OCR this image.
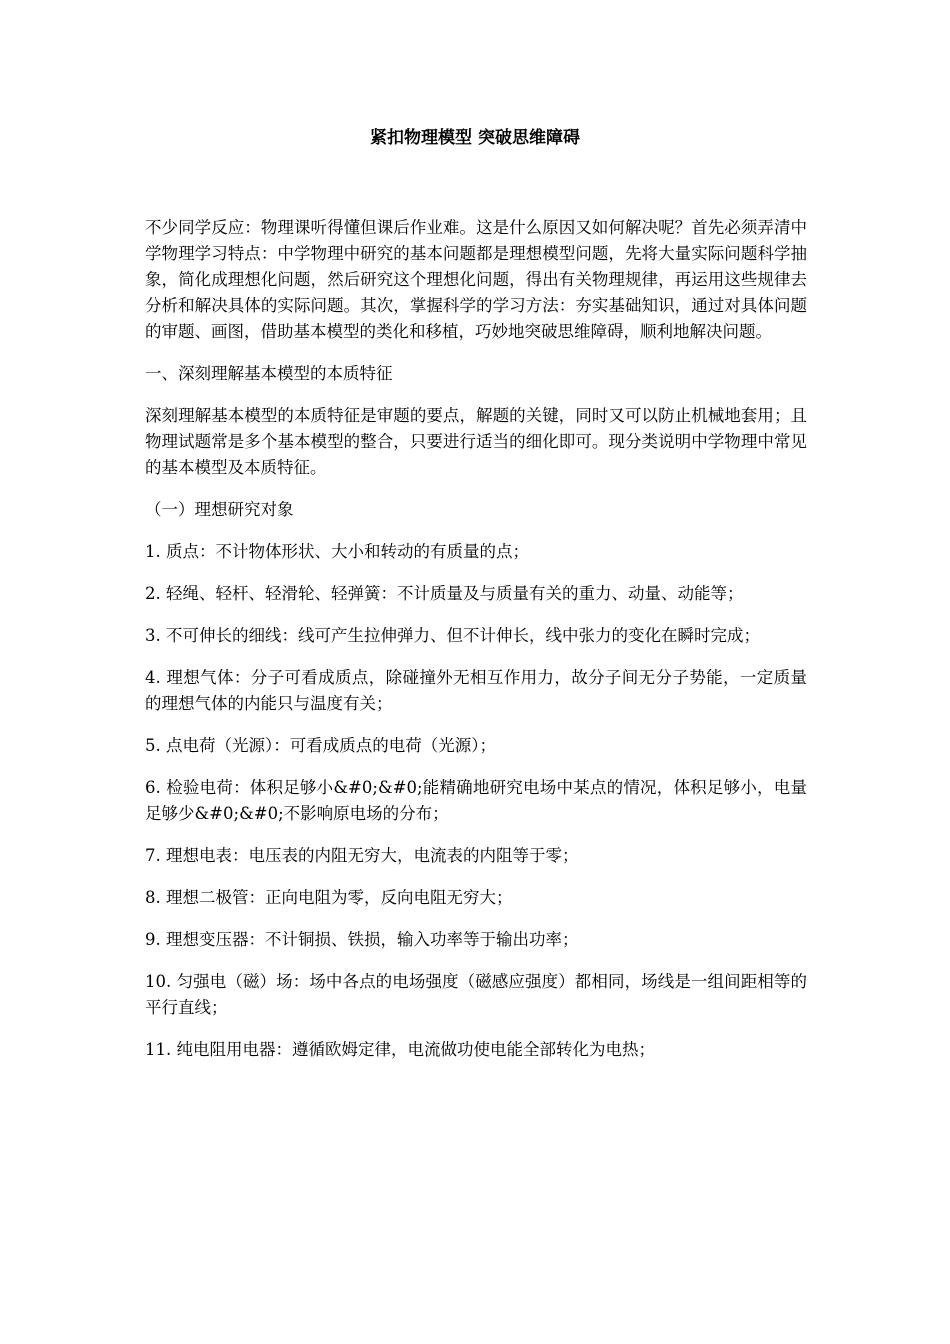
紧扣物理模型 突破思维障碍

不少同学反应：物理课听得懂但课后作业难。这是什么原因又如何解决呢？首先必须弄清中学物理学习特点：中学物理中研究的基本问题都是理想模型问题，先将大量实际问题科学抽象，简化成理想化问题，然后研究这个理想化问题，得出有关物理规律，再运用这些规律去分析和解决具体的实际问题。其次，掌握科学的学习方法：夯实基础知识，通过对具体问题的审题、画图，借助基本模型的类化和移植，巧妙地突破思维障碍，顺利地解决问题。

一、深刻理解基本模型的本质特征

深刻理解基本模型的本质特征是审题的要点，解题的关键，同时又可以防止机械地套用；且物理试题常是多个基本模型的整合，只要进行适当的细化即可。现分类说明中学物理中常见的基本模型及本质特征。

（一）理想研究对象

1. 质点：不计物体形状、大小和转动的有质量的点；

2. 轻绳、轻杆、轻滑轮、轻弹簧：不计质量及与质量有关的重力、动量、动能等；

3. 不可伸长的细线：线可产生拉伸弹力、但不计伸长，线中张力的变化在瞬时完成；

4. 理想气体：分子可看成质点，除碰撞外无相互作用力，故分子间无分子势能，一定质量的理想气体的内能只与温度有关；

5. 点电荷（光源）：可看成质点的电荷（光源）；

6. 检验电荷：体积足够小&#0;&#0;能精确地研究电场中某点的情况，体积足够小，电量足够少&#0;&#0;不影响原电场的分布；

7. 理想电表：电压表的内阻无穷大，电流表的内阻等于零；

8. 理想二极管：正向电阻为零，反向电阻无穷大；

9. 理想变压器：不计铜损、铁损，输入功率等于输出功率；

10. 匀强电（磁）场：场中各点的电场强度（磁感应强度）都相同，场线是一组间距相等的平行直线；

11. 纯电阻用电器：遵循欧姆定律，电流做功使电能全部转化为电热；
